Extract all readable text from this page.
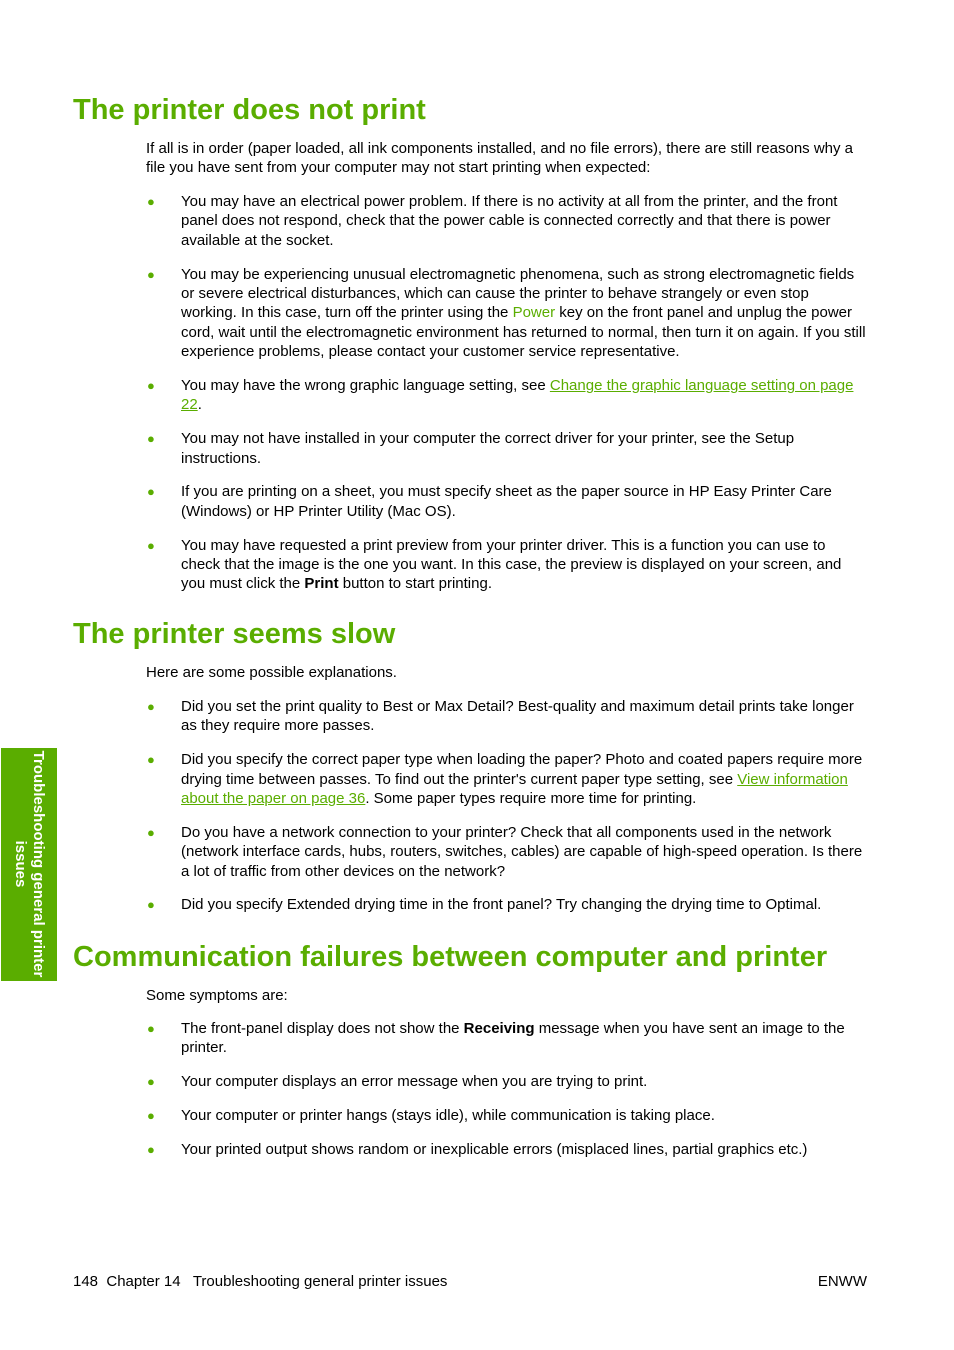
The printer does not print

If all is in order (paper loaded, all ink components installed, and no file errors), there are still reasons why a file you have sent from your computer may not start printing when expected:

● You may have an electrical power problem. If there is no activity at all from the printer, and the front panel does not respond, check that the power cable is connected correctly and that there is power available at the socket.
● You may be experiencing unusual electromagnetic phenomena, such as strong electromagnetic fields or severe electrical disturbances, which can cause the printer to behave strangely or even stop working. In this case, turn off the printer using the Power key on the front panel and unplug the power cord, wait until the electromagnetic environment has returned to normal, then turn it on again. If you still experience problems, please contact your customer service representative.
● You may have the wrong graphic language setting, see Change the graphic language setting on page 22.
● You may not have installed in your computer the correct driver for your printer, see the Setup instructions.
● If you are printing on a sheet, you must specify sheet as the paper source in HP Easy Printer Care (Windows) or HP Printer Utility (Mac OS).
● You may have requested a print preview from your printer driver. This is a function you can use to check that the image is the one you want. In this case, the preview is displayed on your screen, and you must click the Print button to start printing.
The printer seems slow

Here are some possible explanations.

● Did you set the print quality to Best or Max Detail? Best-quality and maximum detail prints take longer as they require more passes.
● Did you specify the correct paper type when loading the paper? Photo and coated papers require more drying time between passes. To find out the printer's current paper type setting, see View information about the paper on page 36. Some paper types require more time for printing.
● Do you have a network connection to your printer? Check that all components used in the network (network interface cards, hubs, routers, switches, cables) are capable of high-speed operation. Is there a lot of traffic from other devices on the network?
● Did you specify Extended drying time in the front panel? Try changing the drying time to Optimal.
Communication failures between computer and printer

Some symptoms are:

● The front-panel display does not show the Receiving message when you have sent an image to the printer.
● Your computer displays an error message when you are trying to print.
● Your computer or printer hangs (stays idle), while communication is taking place.
● Your printed output shows random or inexplicable errors (misplaced lines, partial graphics etc.)
Troubleshooting general printer issues
148 Chapter 14 Troubleshooting general printer issues	ENWW
